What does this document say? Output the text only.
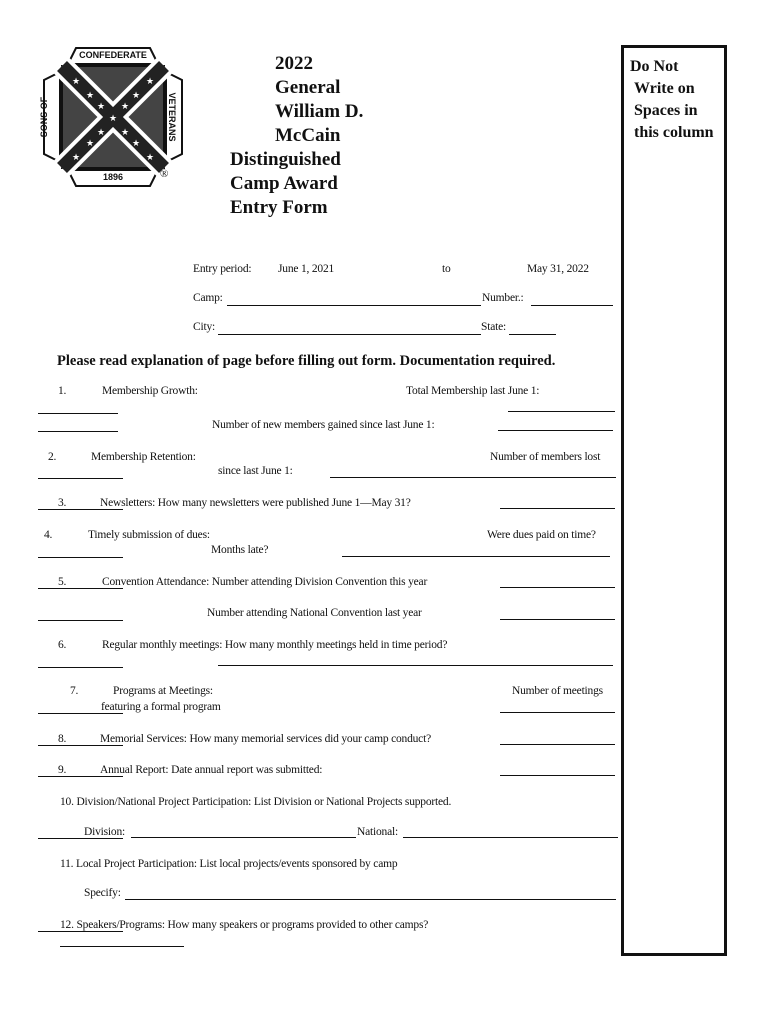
★
★
★
★
★
★
★
★
★
★
★
★
★
CONFEDERATE
1896
SONS OF	VETERANS
®
2022
General
William D.
McCain
Distinguished
Camp Award
Entry Form
Do Not
Write on
Spaces in
this column
Entry period: June 1, 2021	to	May 31, 2022
Camp:	Number.:
City:	State:
Please read explanation of page before filling out form. Documentation required.
1.	Membership Growth:	Total Membership last June 1:
Number of new members gained since last June 1:
2.	Membership Retention:	Number of members lost
since last June 1:
3.	Newsletters: How many newsletters were published June 1—May 31?
4.	Timely submission of dues:	Were dues paid on time?
Months late?
5.	Convention Attendance: Number attending Division Convention this year
Number attending National Convention last year
6.	Regular monthly meetings: How many monthly meetings held in time period?
7.	Programs at Meetings:	Number of meetings
featuring a formal program
8.	Memorial Services: How many memorial services did your camp conduct?
9.	Annual Report: Date annual report was submitted:
10. Division/National Project Participation: List Division or National Projects supported.
Division:	National:
11. Local Project Participation: List local projects/events sponsored by camp
Specify:
12. Speakers/Programs: How many speakers or programs provided to other camps?
